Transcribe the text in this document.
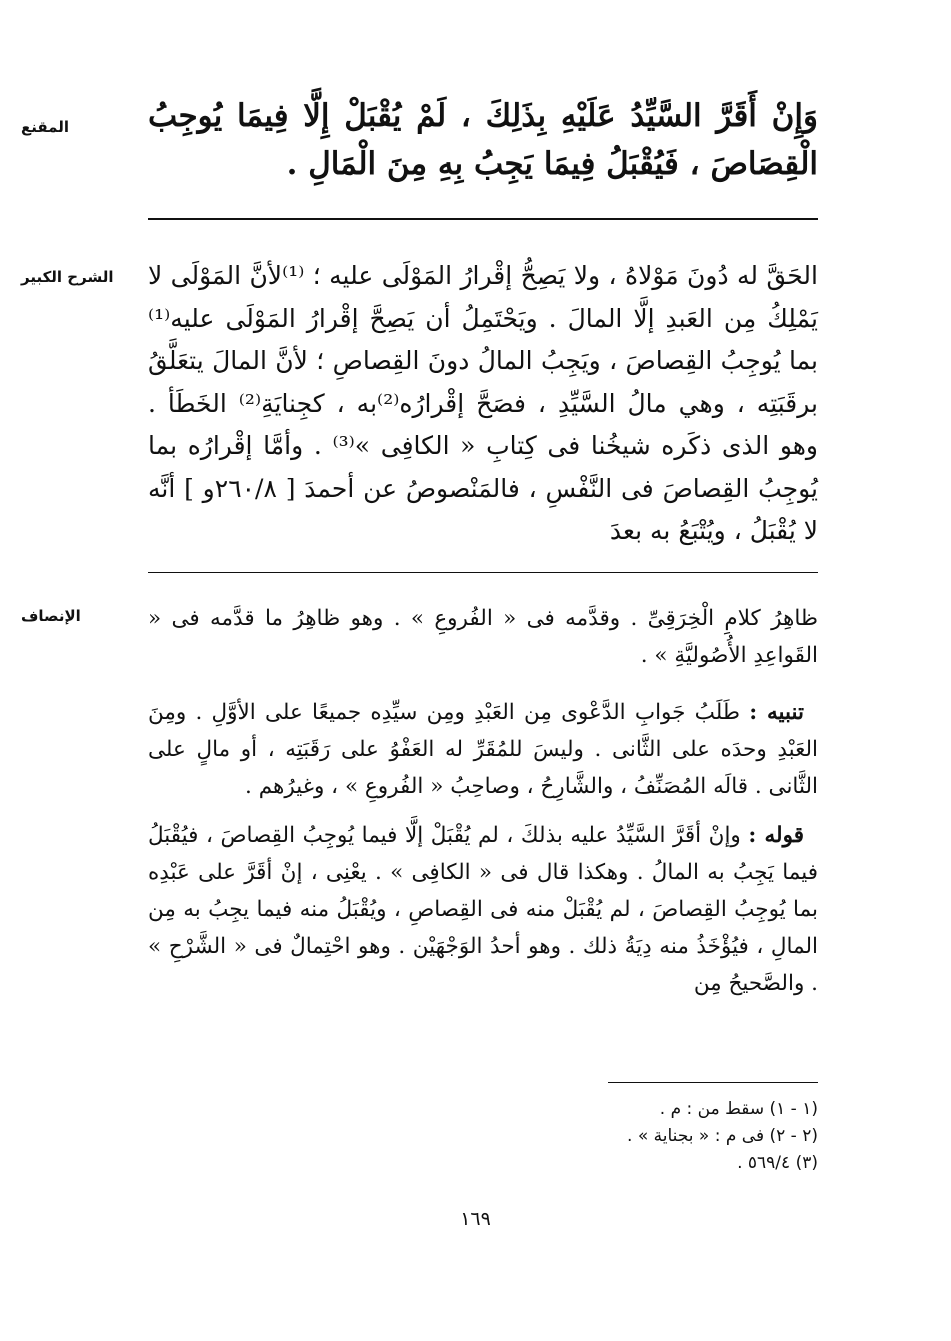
المقنع	وَإِنْ أَقَرَّ السَّيِّدُ عَلَيْهِ بِذَلِكَ ، لَمْ يُقْبَلْ إِلَّا فِيمَا يُوجِبُ الْقِصَاصَ ، فَيُقْبَلُ فِيمَا يَجِبُ بِهِ مِنَ الْمَالِ .

الشرح الكبير	الحَقَّ له دُونَ مَوْلاهُ ، ولا يَصِحُّ إقْرارُ المَوْلَى عليه ؛ ⁽¹⁾لأنَّ المَوْلَى لا يَمْلِكُ مِن العَبدِ إلَّا المالَ . ويَحْتَمِلُ أن يَصِحَّ إقْرارُ المَوْلَى عليه⁽¹⁾ بما يُوجِبُ القِصاصَ ، ويَجِبُ المالُ دونَ القِصاصِ ؛ لأنَّ المالَ يتعَلَّقُ برقَبَتِه ، وهي مالُ السَّيِّدِ ، فصَحَّ إقْرارُه⁽²⁾به ، كجِنايَةِ⁽²⁾ الخَطَأ . وهو الذى ذكَره شيخُنا فى كِتابِ « الكافِى »⁽³⁾ . وأمَّا إقْرارُه بما يُوجِبُ القِصاصَ فى النَّفْسِ ، فالمَنْصوصُ عن أحمدَ [ ٢٦٠/٨و ] أنَّه لا يُقْبَلُ ، ويُتْبَعُ به بعدَ

الإنصاف	ظاهِرُ كلامِ الْخِرَقِىِّ . وقدَّمه فى « الفُروعِ » . وهو ظاهِرُ ما قدَّمه فى « القَواعِدِ الأُصُوليَّةِ » .

تنبيه : طَلَبُ جَوابِ الدَّعْوى مِن العَبْدِ ومِن سيِّدِه جميعًا على الأوَّلِ . ومِنَ العَبْدِ وحدَه على الثَّانى . وليسَ للمُقَرِّ له العَفْوُ على رَقَبَتِه ، أو مالٍ على الثَّانى . قالَه المُصَنِّفُ ، والشَّارِحُ ، وصاحِبُ « الفُروعِ » ، وغيرُهم .

قوله : وإنْ أقَرَّ السَّيِّدُ عليه بذلكَ ، لم يُقْبَلْ إلَّا فيما يُوجِبُ القِصاصَ ، فيُقْبَلُ فيما يَجِبُ به المالُ . وهكذا قال فى « الكافِى » . يعْنِى ، إنْ أقَرَّ على عَبْدِه بما يُوجِبُ القِصاصَ ، لم يُقْبَلْ منه فى القِصاصِ ، ويُقْبَلُ منه فيما يجِبُ به مِن المالِ ، فيُؤْخَذُ منه دِيَةُ ذلك . وهو أحدُ الوَجْهَيْن . وهو احْتِمالٌ فى « الشَّرْحِ » . والصَّحيحُ مِن

(١ - ١) سقط من : م .
(٢ - ٢) فى م : « بجناية » .
(٣) ٥٦٩/٤ .
١٦٩
